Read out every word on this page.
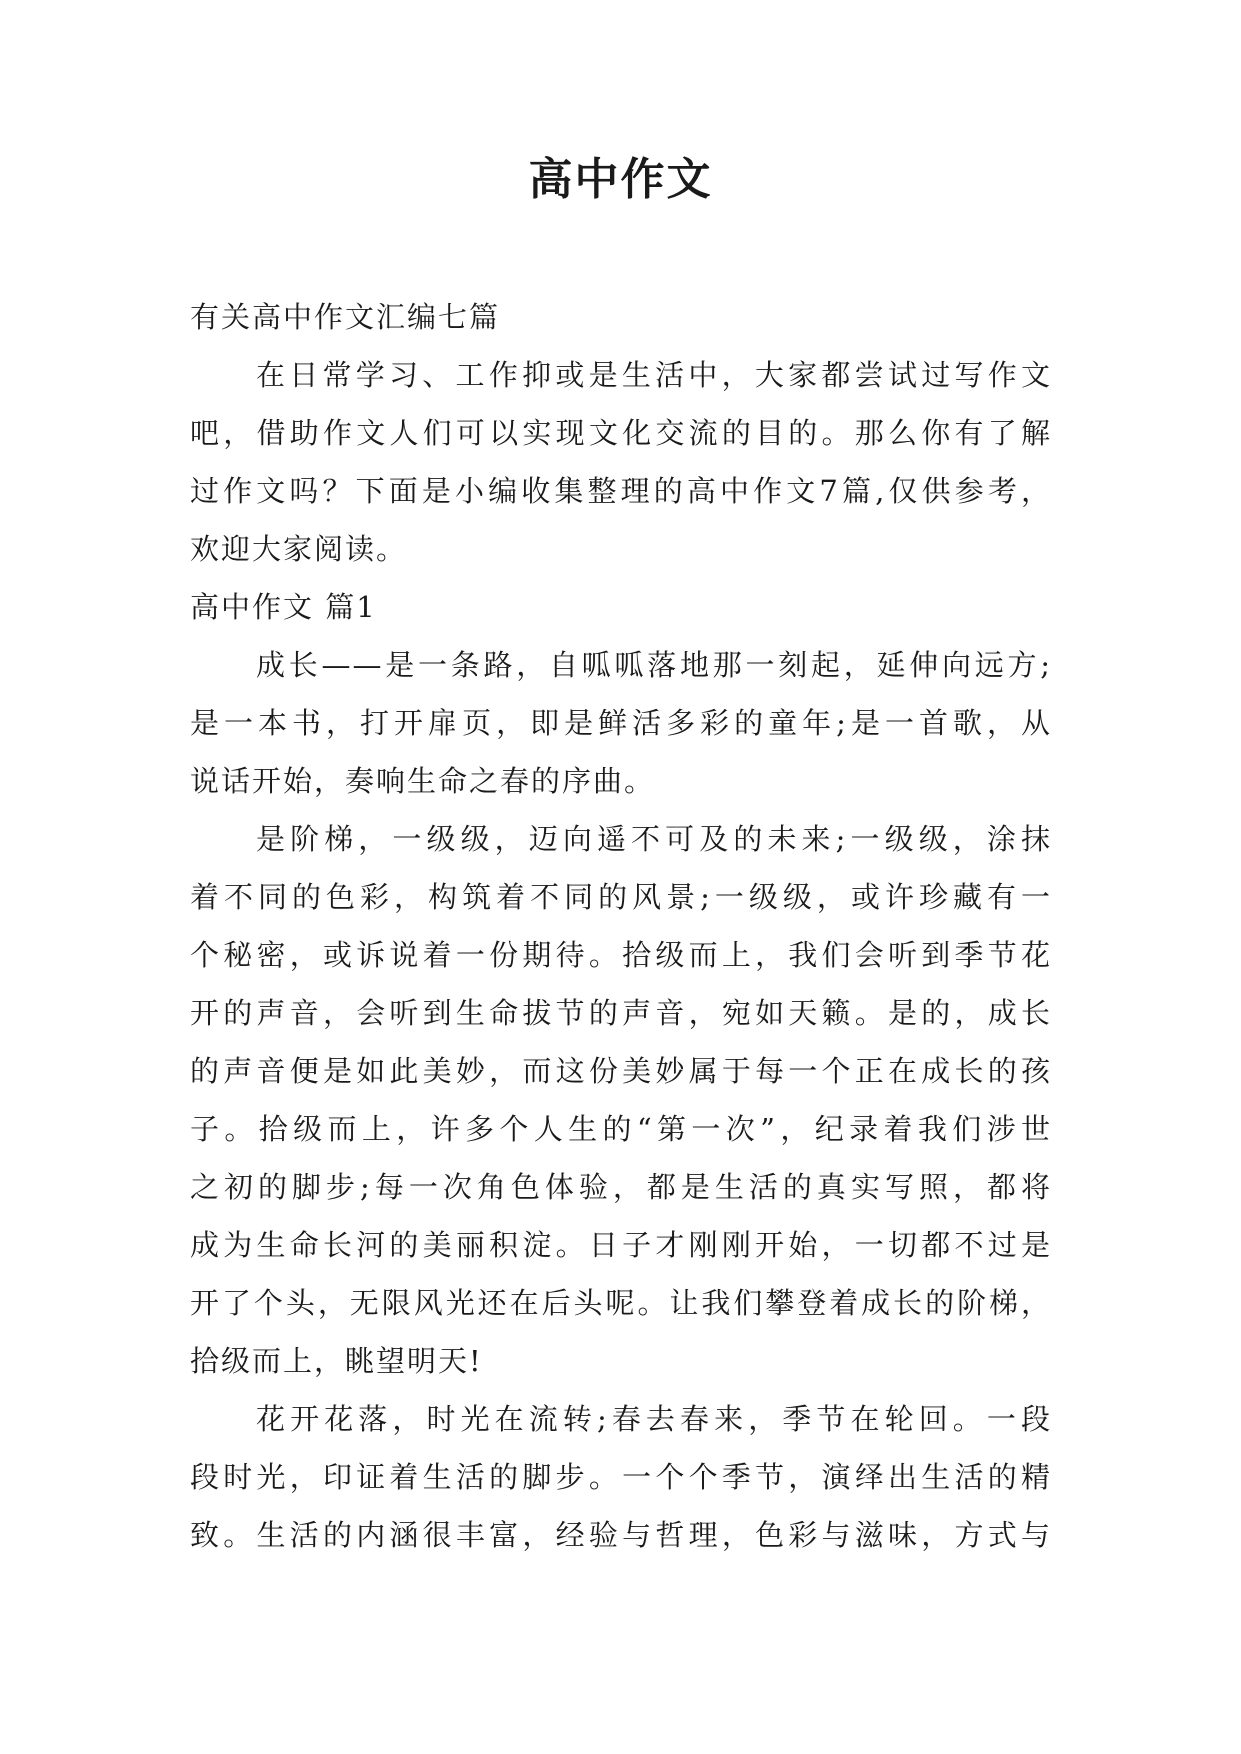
高中作文

有关高中作文汇编七篇

在日常学习、工作抑或是生活中，大家都尝试过写作文

吧，借助作文人们可以实现文化交流的目的。那么你有了解

过作文吗？下面是小编收集整理的高中作文7篇,仅供参考，

欢迎大家阅读。

高中作文 篇1

成长——是一条路，自呱呱落地那一刻起，延伸向远方;

是一本书，打开扉页，即是鲜活多彩的童年;是一首歌，从

说话开始，奏响生命之春的序曲。

是阶梯，一级级，迈向遥不可及的未来;一级级，涂抹

着不同的色彩，构筑着不同的风景;一级级，或许珍藏有一

个秘密，或诉说着一份期待。拾级而上，我们会听到季节花

开的声音，会听到生命拔节的声音，宛如天籁。是的，成长

的声音便是如此美妙，而这份美妙属于每一个正在成长的孩

子。拾级而上，许多个人生的“第一次”，纪录着我们涉世

之初的脚步;每一次角色体验，都是生活的真实写照，都将

成为生命长河的美丽积淀。日子才刚刚开始，一切都不过是

开了个头，无限风光还在后头呢。让我们攀登着成长的阶梯，

拾级而上，眺望明天!

花开花落，时光在流转;春去春来，季节在轮回。一段

段时光，印证着生活的脚步。一个个季节，演绎出生活的精

致。生活的内涵很丰富，经验与哲理，色彩与滋味，方式与
